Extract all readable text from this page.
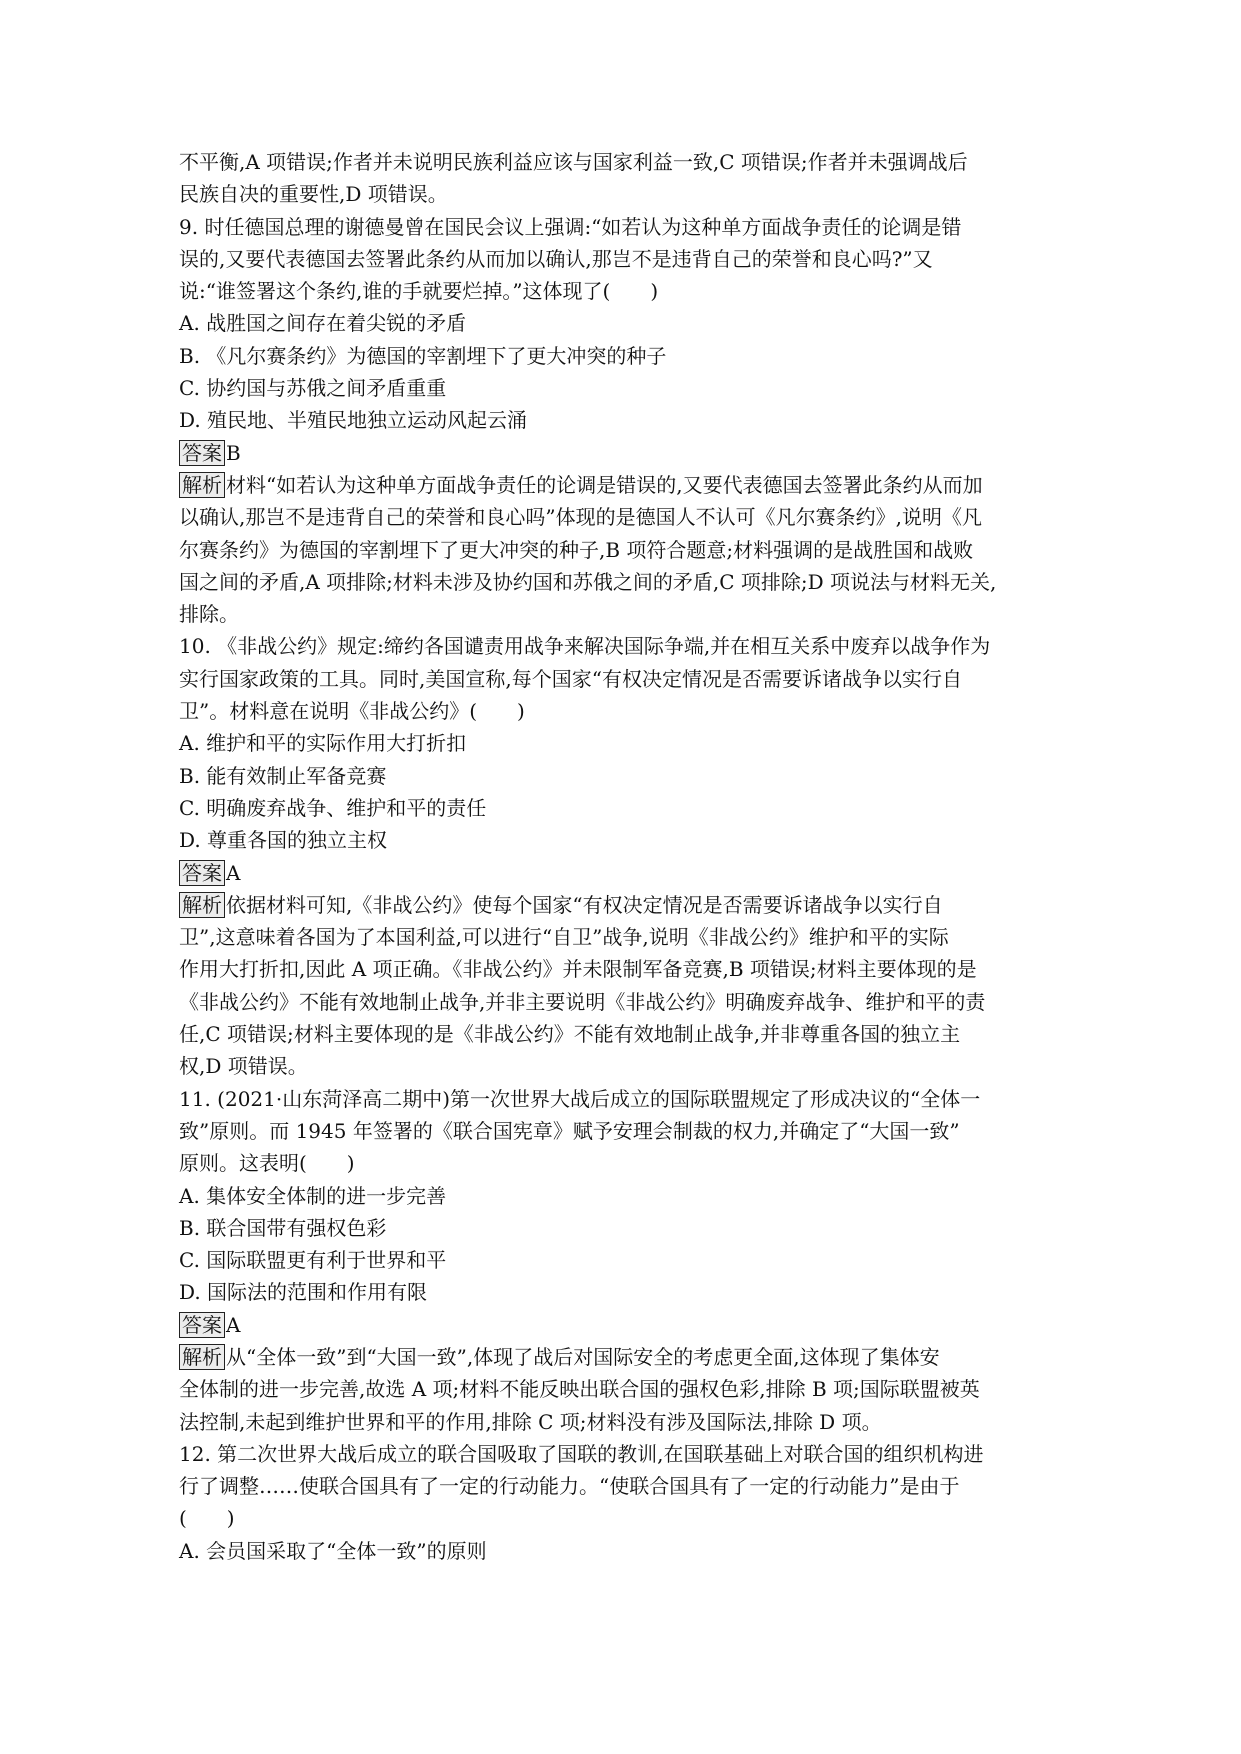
不平衡,A 项错误;作者并未说明民族利益应该与国家利益一致,C 项错误;作者并未强调战后
民族自决的重要性,D 项错误。
9. 时任德国总理的谢德曼曾在国民会议上强调:“如若认为这种单方面战争责任的论调是错
误的,又要代表德国去签署此条约从而加以确认,那岂不是违背自己的荣誉和良心吗?”又
说:“谁签署这个条约,谁的手就要烂掉。”这体现了(　　)
A. 战胜国之间存在着尖锐的矛盾
B. 《凡尔赛条约》为德国的宰割埋下了更大冲突的种子
C. 协约国与苏俄之间矛盾重重
D. 殖民地、半殖民地独立运动风起云涌
答案 B
解析 材料“如若认为这种单方面战争责任的论调是错误的,又要代表德国去签署此条约从而加
以确认,那岂不是违背自己的荣誉和良心吗”体现的是德国人不认可《凡尔赛条约》,说明《凡
尔赛条约》为德国的宰割埋下了更大冲突的种子,B 项符合题意;材料强调的是战胜国和战败
国之间的矛盾,A 项排除;材料未涉及协约国和苏俄之间的矛盾,C 项排除;D 项说法与材料无关,
排除。
10. 《非战公约》规定:缔约各国谴责用战争来解决国际争端,并在相互关系中废弃以战争作为
实行国家政策的工具。同时,美国宣称,每个国家“有权决定情况是否需要诉诸战争以实行自
卫”。材料意在说明《非战公约》(　　)
A. 维护和平的实际作用大打折扣
B. 能有效制止军备竞赛
C. 明确废弃战争、维护和平的责任
D. 尊重各国的独立主权
答案 A
解析 依据材料可知,《非战公约》使每个国家“有权决定情况是否需要诉诸战争以实行自
卫”,这意味着各国为了本国利益,可以进行“自卫”战争,说明《非战公约》维护和平的实际
作用大打折扣,因此 A 项正确。《非战公约》并未限制军备竞赛,B 项错误;材料主要体现的是
《非战公约》不能有效地制止战争,并非主要说明《非战公约》明确废弃战争、维护和平的责
任,C 项错误;材料主要体现的是《非战公约》不能有效地制止战争,并非尊重各国的独立主
权,D 项错误。
11. (2021·山东菏泽高二期中)第一次世界大战后成立的国际联盟规定了形成决议的“全体一
致”原则。而 1945 年签署的《联合国宪章》赋予安理会制裁的权力,并确定了“大国一致”
原则。这表明(　　)
A. 集体安全体制的进一步完善
B. 联合国带有强权色彩
C. 国际联盟更有利于世界和平
D. 国际法的范围和作用有限
答案 A
解析 从“全体一致”到“大国一致”,体现了战后对国际安全的考虑更全面,这体现了集体安
全体制的进一步完善,故选 A 项;材料不能反映出联合国的强权色彩,排除 B 项;国际联盟被英
法控制,未起到维护世界和平的作用,排除 C 项;材料没有涉及国际法,排除 D 项。
12. 第二次世界大战后成立的联合国吸取了国联的教训,在国联基础上对联合国的组织机构进
行了调整……使联合国具有了一定的行动能力。“使联合国具有了一定的行动能力”是由于
(　　)
A. 会员国采取了“全体一致”的原则
